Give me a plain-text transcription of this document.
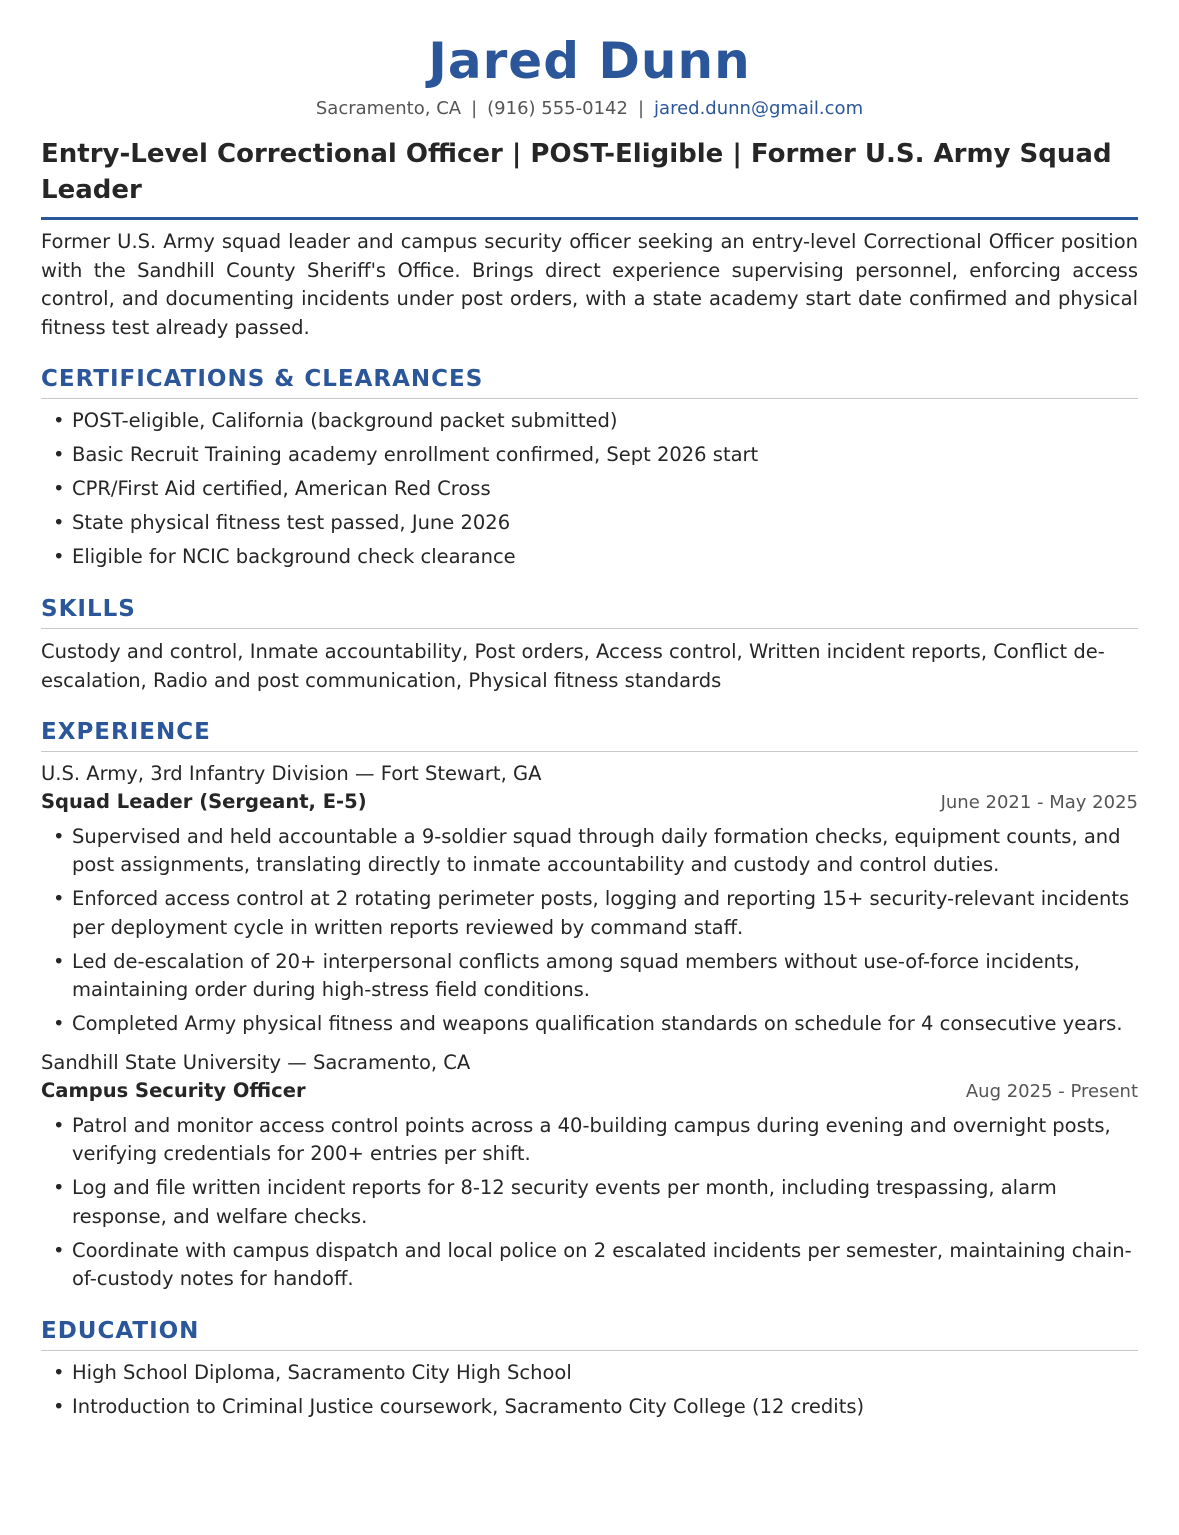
Jared Dunn
Sacramento, CA | (916) 555-0142 | jared.dunn@gmail.com
Entry-Level Correctional Officer | POST-Eligible | Former U.S. Army Squad Leader
Former U.S. Army squad leader and campus security officer seeking an entry-level Correctional Officer position with the Sandhill County Sheriff's Office. Brings direct experience supervising personnel, enforcing access control, and documenting incidents under post orders, with a state academy start date confirmed and physical fitness test already passed.
CERTIFICATIONS & CLEARANCES
• POST-eligible, California (background packet submitted)
• Basic Recruit Training academy enrollment confirmed, Sept 2026 start
• CPR/First Aid certified, American Red Cross
• State physical fitness test passed, June 2026
• Eligible for NCIC background check clearance
SKILLS
Custody and control, Inmate accountability, Post orders, Access control, Written incident reports, Conflict de-escalation, Radio and post communication, Physical fitness standards
EXPERIENCE
U.S. Army, 3rd Infantry Division — Fort Stewart, GA
Squad Leader (Sergeant, E-5)	June 2021 - May 2025
• Supervised and held accountable a 9-soldier squad through daily formation checks, equipment counts, and post assignments, translating directly to inmate accountability and custody and control duties.
• Enforced access control at 2 rotating perimeter posts, logging and reporting 15+ security-relevant incidents per deployment cycle in written reports reviewed by command staff.
• Led de-escalation of 20+ interpersonal conflicts among squad members without use-of-force incidents, maintaining order during high-stress field conditions.
• Completed Army physical fitness and weapons qualification standards on schedule for 4 consecutive years.
Sandhill State University — Sacramento, CA
Campus Security Officer	Aug 2025 - Present
• Patrol and monitor access control points across a 40-building campus during evening and overnight posts, verifying credentials for 200+ entries per shift.
• Log and file written incident reports for 8-12 security events per month, including trespassing, alarm response, and welfare checks.
• Coordinate with campus dispatch and local police on 2 escalated incidents per semester, maintaining chain-of-custody notes for handoff.
EDUCATION
• High School Diploma, Sacramento City High School
• Introduction to Criminal Justice coursework, Sacramento City College (12 credits)
